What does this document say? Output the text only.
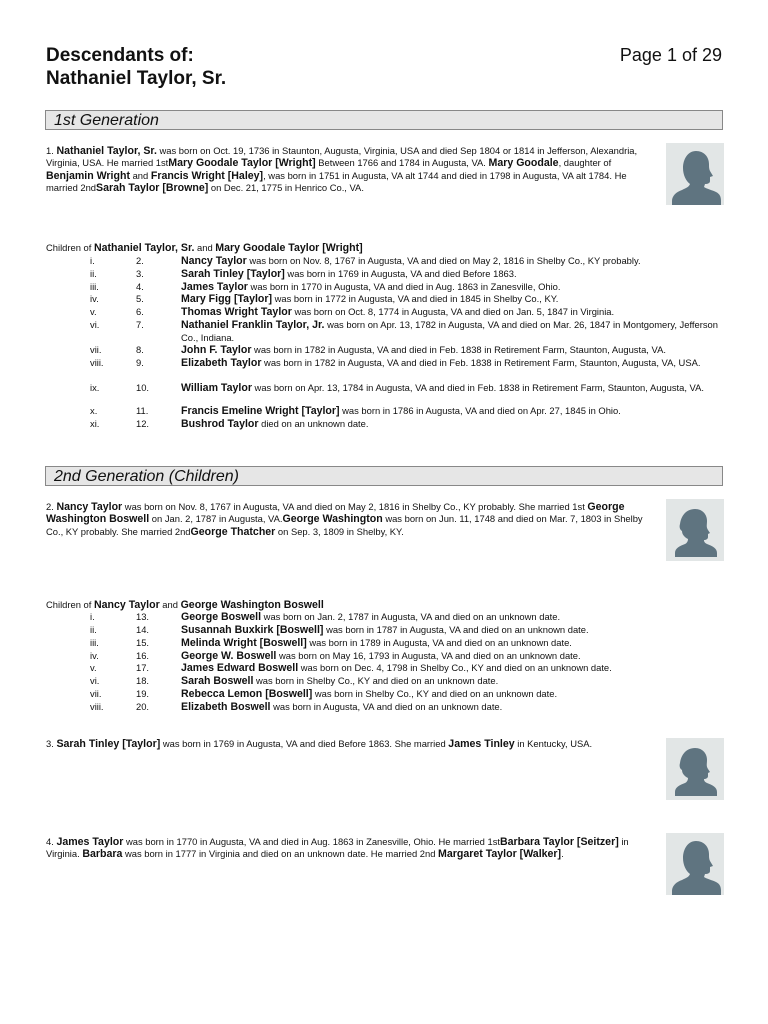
Descendants of:
Nathaniel Taylor, Sr.
Page 1 of 29
1st Generation
1. Nathaniel Taylor, Sr. was born on Oct. 19, 1736 in Staunton, Augusta, Virginia, USA and died Sep 1804 or 1814 in Jefferson, Alexandria, Virginia, USA. He married 1stMary Goodale Taylor [Wright] Between 1766 and 1784 in Augusta, VA. Mary Goodale, daughter of Benjamin Wright and Francis Wright [Haley], was born in 1751 in Augusta, VA alt 1744 and died in 1798 in Augusta, VA alt 1784. He married 2ndSarah Taylor [Browne] on Dec. 21, 1775 in Henrico Co., VA.
Children of Nathaniel Taylor, Sr. and Mary Goodale Taylor [Wright]
i.	2.	Nancy Taylor was born on Nov. 8, 1767 in Augusta, VA and died on May 2, 1816 in Shelby Co., KY probably.
ii.	3.	Sarah Tinley [Taylor] was born in 1769 in Augusta, VA and died Before 1863.
iii.	4.	James Taylor was born in 1770 in Augusta, VA and died in Aug. 1863 in Zanesville, Ohio.
iv.	5.	Mary Figg [Taylor] was born in 1772 in Augusta, VA and died in 1845 in Shelby Co., KY.
v.	6.	Thomas Wright Taylor was born on Oct. 8, 1774 in Augusta, VA and died on Jan. 5, 1847 in Virginia.
vi.	7.	Nathaniel Franklin Taylor, Jr. was born on Apr. 13, 1782 in Augusta, VA and died on Mar. 26, 1847 in Montgomery, Jefferson Co., Indiana.
vii.	8.	John F. Taylor was born in 1782 in Augusta, VA and died in Feb. 1838 in Retirement Farm, Staunton, Augusta, VA.
viii.	9.	Elizabeth Taylor was born in 1782 in Augusta, VA and died in Feb. 1838 in Retirement Farm, Staunton, Augusta, VA, USA.
ix.	10.	William Taylor was born on Apr. 13, 1784 in Augusta, VA and died in Feb. 1838 in Retirement Farm, Staunton, Augusta, VA.
x.	11.	Francis Emeline Wright [Taylor] was born in 1786 in Augusta, VA and died on Apr. 27, 1845 in Ohio.
xi.	12.	Bushrod Taylor died on an unknown date.
2nd Generation (Children)
2. Nancy Taylor was born on Nov. 8, 1767 in Augusta, VA and died on May 2, 1816 in Shelby Co., KY probably. She married 1st George Washington Boswell on Jan. 2, 1787 in Augusta, VA.George Washington was born on Jun. 11, 1748 and died on Mar. 7, 1803 in Shelby Co., KY probably. She married 2ndGeorge Thatcher on Sep. 3, 1809 in Shelby, KY.
Children of Nancy Taylor and George Washington Boswell
i.	13.	George Boswell was born on Jan. 2, 1787 in Augusta, VA and died on an unknown date.
ii.	14.	Susannah Buxkirk [Boswell] was born in 1787 in Augusta, VA and died on an unknown date.
iii.	15.	Melinda Wright [Boswell] was born in 1789 in Augusta, VA and died on an unknown date.
iv.	16.	George W. Boswell was born on May 16, 1793 in Augusta, VA and died on an unknown date.
v.	17.	James Edward Boswell was born on Dec. 4, 1798 in Shelby Co., KY and died on an unknown date.
vi.	18.	Sarah Boswell was born in Shelby Co., KY and died on an unknown date.
vii.	19.	Rebecca Lemon [Boswell] was born in Shelby Co., KY and died on an unknown date.
viii.	20.	Elizabeth Boswell was born in Augusta, VA and died on an unknown date.
3. Sarah Tinley [Taylor] was born in 1769 in Augusta, VA and died Before 1863. She married James Tinley in Kentucky, USA.
4. James Taylor was born in 1770 in Augusta, VA and died in Aug. 1863 in Zanesville, Ohio. He married 1stBarbara Taylor [Seitzer] in Virginia. Barbara was born in 1777 in Virginia and died on an unknown date. He married 2nd Margaret Taylor [Walker].
